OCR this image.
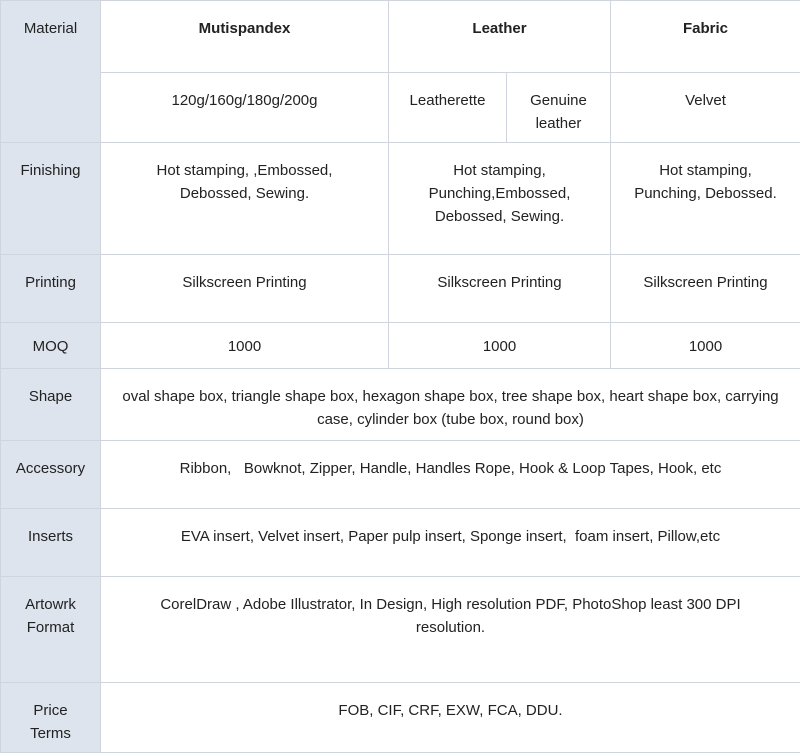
Material	Mutispandex	Leather		Fabric
	120g/160g/180g/200g	Leatherette	Genuine leather	Velvet
Finishing	Hot stamping, ,Embossed, Debossed, Sewing.	Hot stamping, Punching,Embossed, Debossed, Sewing.		Hot stamping, Punching, Debossed.
Printing	Silkscreen Printing	Silkscreen Printing		Silkscreen Printing
MOQ	1000	1000		1000
Shape	oval shape box, triangle shape box, hexagon shape box, tree shape box, heart shape box, carrying case, cylinder box (tube box, round box)			
Accessory	Ribbon,   Bowknot, Zipper, Handle, Handles Rope, Hook & Loop Tapes, Hook, etc			
Inserts	EVA insert, Velvet insert, Paper pulp insert, Sponge insert,  foam insert, Pillow,etc			
Artowrk Format	CorelDraw , Adobe Illustrator, In Design, High resolution PDF, PhotoShop least 300 DPI resolution.			
Price Terms	FOB, CIF, CRF, EXW, FCA, DDU.			
